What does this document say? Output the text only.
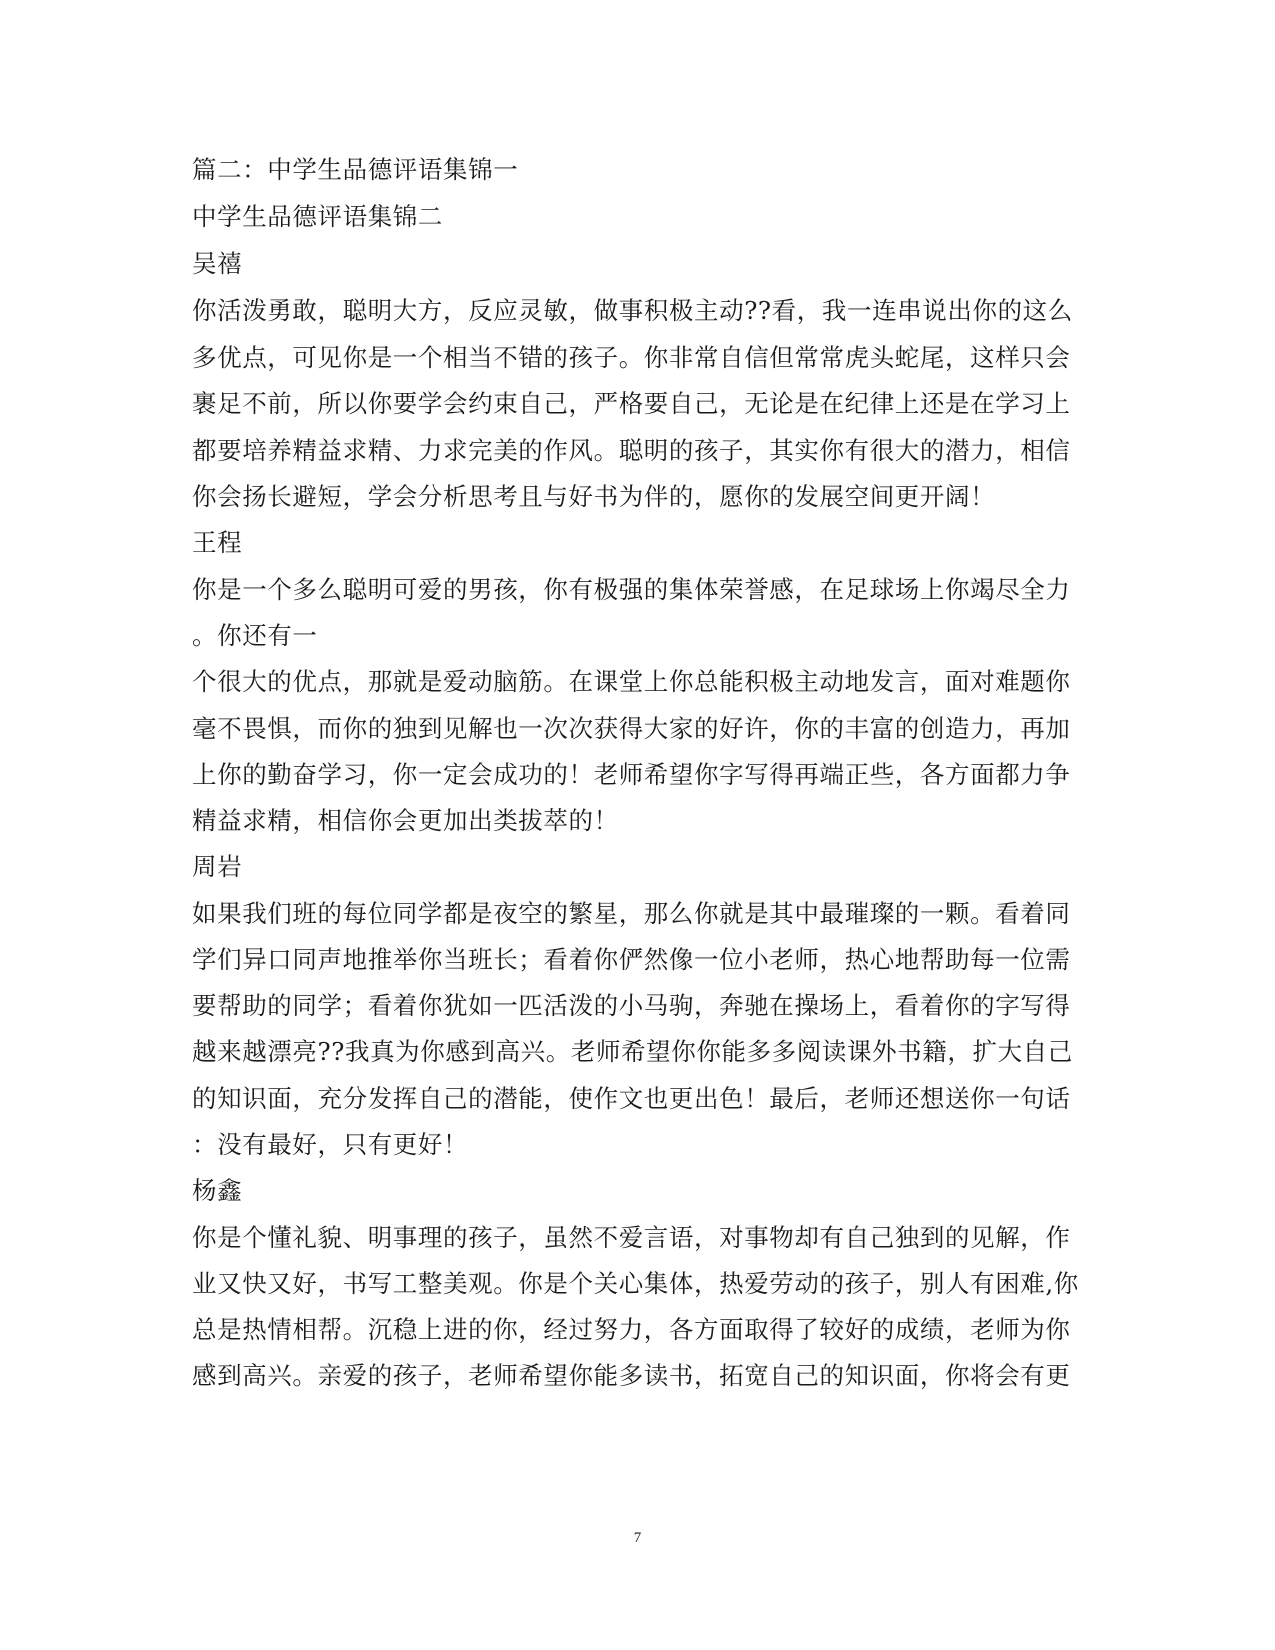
篇二：中学生品德评语集锦一
中学生品德评语集锦二
吴禧
你活泼勇敢，聪明大方，反应灵敏，做事积极主动??看，我一连串说出你的这么
多优点，可见你是一个相当不错的孩子。你非常自信但常常虎头蛇尾，这样只会
裹足不前，所以你要学会约束自己，严格要自己，无论是在纪律上还是在学习上
都要培养精益求精、力求完美的作风。聪明的孩子，其实你有很大的潜力，相信
你会扬长避短，学会分析思考且与好书为伴的，愿你的发展空间更开阔！
王程
你是一个多么聪明可爱的男孩，你有极强的集体荣誉感，在足球场上你竭尽全力
。你还有一
个很大的优点，那就是爱动脑筋。在课堂上你总能积极主动地发言，面对难题你
毫不畏惧，而你的独到见解也一次次获得大家的好许，你的丰富的创造力，再加
上你的勤奋学习，你一定会成功的！老师希望你字写得再端正些，各方面都力争
精益求精，相信你会更加出类拔萃的！
周岩
如果我们班的每位同学都是夜空的繁星，那么你就是其中最璀璨的一颗。看着同
学们异口同声地推举你当班长；看着你俨然像一位小老师，热心地帮助每一位需
要帮助的同学；看着你犹如一匹活泼的小马驹，奔驰在操场上，看着你的字写得
越来越漂亮??我真为你感到高兴。老师希望你你能多多阅读课外书籍，扩大自己
的知识面，充分发挥自己的潜能，使作文也更出色！最后，老师还想送你一句话
：没有最好，只有更好！
杨鑫
你是个懂礼貌、明事理的孩子，虽然不爱言语，对事物却有自己独到的见解，作
业又快又好，书写工整美观。你是个关心集体，热爱劳动的孩子，别人有困难,你
总是热情相帮。沉稳上进的你，经过努力，各方面取得了较好的成绩，老师为你
感到高兴。亲爱的孩子，老师希望你能多读书，拓宽自己的知识面，你将会有更
7
